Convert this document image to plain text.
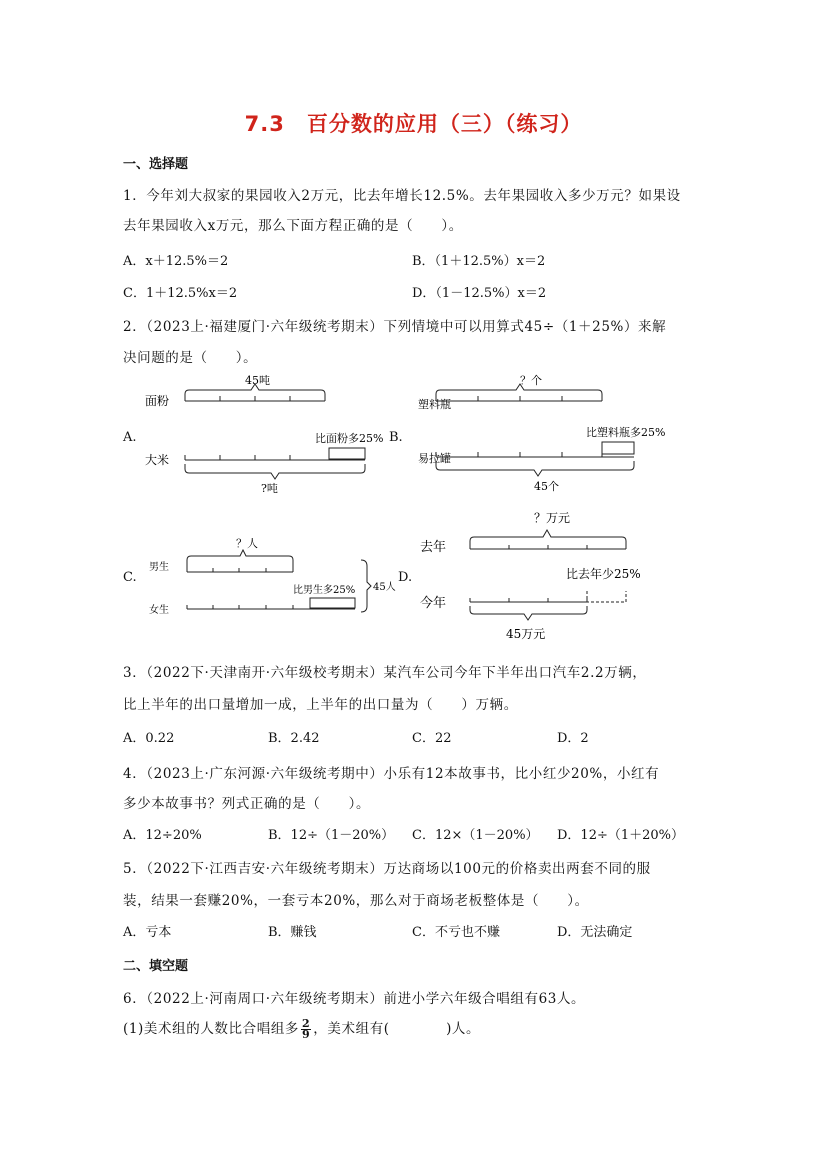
7.3　百分数的应用（三）（练习）
一、选择题
1．今年刘大叔家的果园收入2万元，比去年增长12.5%。去年果园收入多少万元？如果设
去年果园收入x万元，那么下面方程正确的是（　　）。
A．x＋12.5%＝2	B．（1＋12.5%）x＝2
C．1＋12.5%x＝2	D．（1－12.5%）x＝2
2．（2023上·福建厦门·六年级统考期末）下列情境中可以用算式45÷（1＋25%）来解
决问题的是（　　）。
45吨
面粉
比面粉多25%
大米
?吨
A.
？个
塑料瓶
比塑料瓶多25%
易拉罐
45个
B.
？人
男生
比男生多25%
女生
45人
C.
？万元
去年
比去年少25%
今年
45万元
D.
3．（2022下·天津南开·六年级校考期末）某汽车公司今年下半年出口汽车2.2万辆，
比上半年的出口量增加一成，上半年的出口量为（　　）万辆。
A．0.22	B．2.42	C．22	D．2
4．（2023上·广东河源·六年级统考期中）小乐有12本故事书，比小红少20%，小红有
多少本故事书？列式正确的是（　　）。
A．12÷20%	B．12÷（1－20%） C．12×（1－20%） D．12÷（1＋20%）
5．（2022下·江西吉安·六年级统考期末）万达商场以100元的价格卖出两套不同的服
装，结果一套赚20%，一套亏本20%，那么对于商场老板整体是（　　）。
A．亏本	B．赚钱	C．不亏也不赚	D．无法确定
二、填空题
6．（2022上·河南周口·六年级统考期末）前进小学六年级合唱组有63人。
(1)美术组的人数比合唱组多 $\frac{2}{9}$ ，美术组有(　　　　)人。
